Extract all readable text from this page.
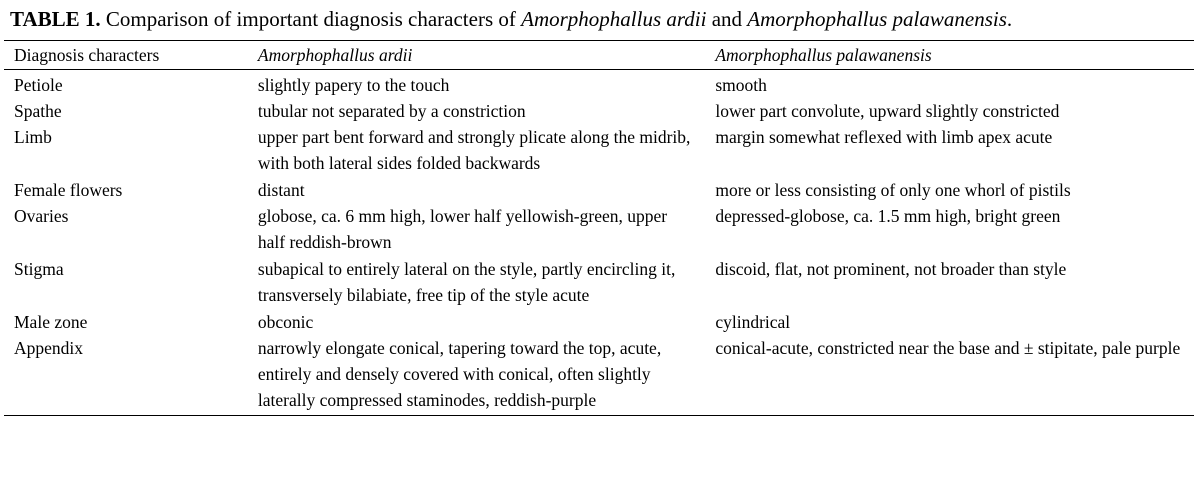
TABLE 1. Comparison of important diagnosis characters of Amorphophallus ardii and Amorphophallus palawanensis.
Diagnosis characters	Amorphophallus ardii	Amorphophallus palawanensis
Petiole	slightly papery to the touch	smooth
Spathe	tubular not separated by a constriction	lower part convolute, upward slightly constricted
Limb	upper part bent forward and strongly plicate along the midrib, with both lateral sides folded backwards	margin somewhat reflexed with limb apex acute
Female flowers	distant	more or less consisting of only one whorl of pistils
Ovaries	globose, ca. 6 mm high, lower half yellowish-green, upper half reddish-brown	depressed-globose, ca. 1.5 mm high, bright green
Stigma	subapical to entirely lateral on the style, partly encircling it, transversely bilabiate, free tip of the style acute	discoid, flat, not prominent, not broader than style
Male zone	obconic	cylindrical
Appendix	narrowly elongate conical, tapering toward the top, acute, entirely and densely covered with conical, often slightly laterally compressed staminodes, reddish-purple	conical-acute, constricted near the base and ± stipitate, pale purple
